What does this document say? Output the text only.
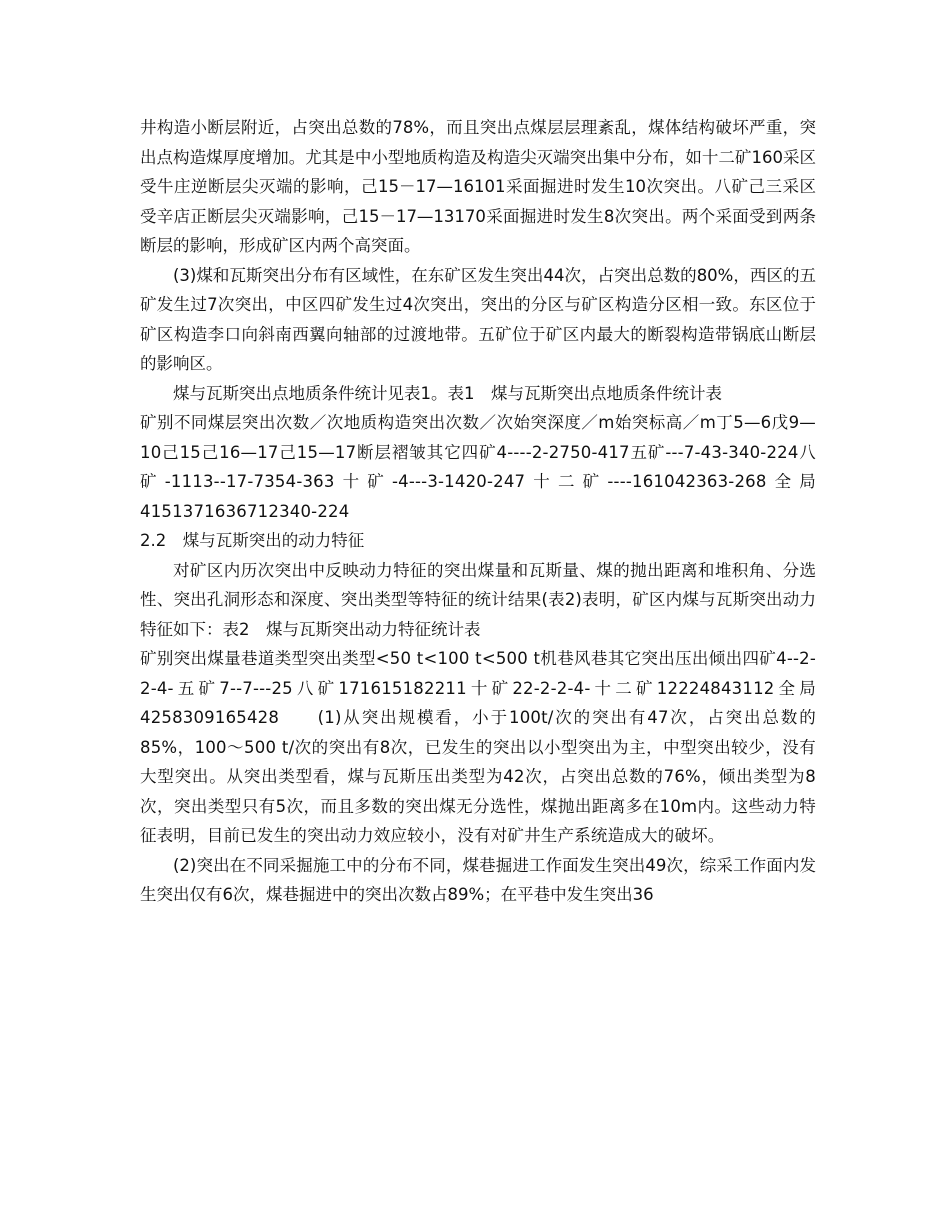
井构造小断层附近，占突出总数的78%，而且突出点煤层层理紊乱，煤体结构破坏严重，突出点构造煤厚度增加。尤其是中小型地质构造及构造尖灭端突出集中分布，如十二矿160采区受牛庄逆断层尖灭端的影响，己15－17—16101采面掘进时发生10次突出。八矿己三采区受辛店正断层尖灭端影响，己15－17—13170采面掘进时发生8次突出。两个采面受到两条断层的影响，形成矿区内两个高突面。

(3)煤和瓦斯突出分布有区域性，在东矿区发生突出44次，占突出总数的80%，西区的五矿发生过7次突出，中区四矿发生过4次突出，突出的分区与矿区构造分区相一致。东区位于矿区构造李口向斜南西翼向轴部的过渡地带。五矿位于矿区内最大的断裂构造带锅底山断层的影响区。

煤与瓦斯突出点地质条件统计见表1。表1　煤与瓦斯突出点地质条件统计表

矿别不同煤层突出次数／次地质构造突出次数／次始突深度／m始突标高／m丁5—6戊9—10己15己16—17己15—17断层褶皱其它四矿4----2-2750-417五矿---7-43-340-224八矿-1113--17-7354-363十矿-4---3-1420-247十二矿----161042363-268全局4151371636712340-224

2.2　煤与瓦斯突出的动力特征

对矿区内历次突出中反映动力特征的突出煤量和瓦斯量、煤的抛出距离和堆积角、分选性、突出孔洞形态和深度、突出类型等特征的统计结果(表2)表明，矿区内煤与瓦斯突出动力特征如下：表2　煤与瓦斯突出动力特征统计表

矿别突出煤量巷道类型突出类型<50 t<100 t<500 t机巷风巷其它突出压出倾出四矿4--2-2-4-五矿7--7---25八矿171615182211十矿22-2-2-4-十二矿12224843112全局4258309165428　　(1)从突出规模看，小于100t/次的突出有47次，占突出总数的85%，100～500 t/次的突出有8次，已发生的突出以小型突出为主，中型突出较少，没有大型突出。从突出类型看，煤与瓦斯压出类型为42次，占突出总数的76%，倾出类型为8次，突出类型只有5次，而且多数的突出煤无分选性，煤抛出距离多在10m内。这些动力特征表明，目前已发生的突出动力效应较小，没有对矿井生产系统造成大的破坏。

(2)突出在不同采掘施工中的分布不同，煤巷掘进工作面发生突出49次，综采工作面内发生突出仅有6次，煤巷掘进中的突出次数占89%；在平巷中发生突出36
